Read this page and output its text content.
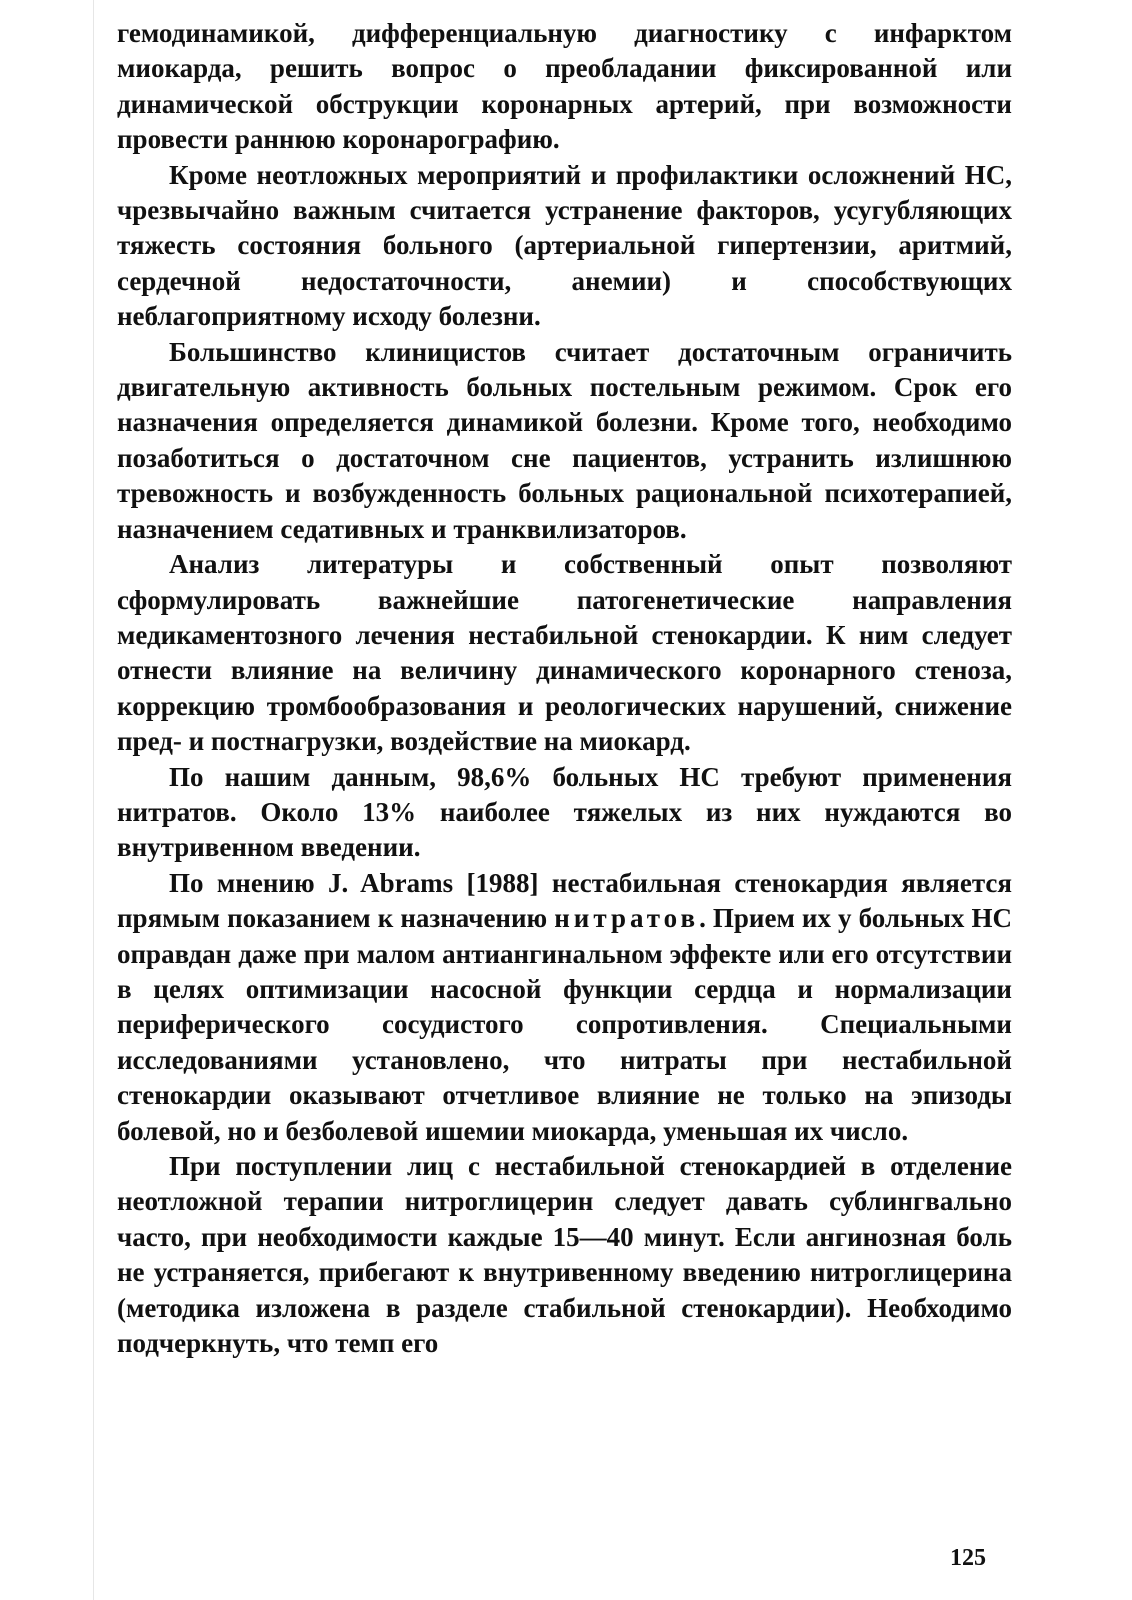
гемодинамикой, дифференциальную диагностику с инфарктом миокарда, решить вопрос о преобладании фиксированной или динамической обструкции коронарных артерий, при возможности провести раннюю коронарографию.

Кроме неотложных мероприятий и профилактики осложнений НС, чрезвычайно важным считается устранение факторов, усугубляющих тяжесть состояния больного (артериальной гипертензии, аритмий, сердечной недостаточности, анемии) и способствующих неблагоприятному исходу болезни.

Большинство клиницистов считает достаточным ограничить двигательную активность больных постельным режимом. Срок его назначения определяется динамикой болезни. Кроме того, необходимо позаботиться о достаточном сне пациентов, устранить излишнюю тревожность и возбужденность больных рациональной психотерапией, назначением седативных и транквилизаторов.

Анализ литературы и собственный опыт позволяют сформулировать важнейшие патогенетические направления медикаментозного лечения нестабильной стенокардии. К ним следует отнести влияние на величину динамического коронарного стеноза, коррекцию тромбообразования и реологических нарушений, снижение пред- и постнагрузки, воздействие на миокард.

По нашим данным, 98,6% больных НС требуют применения нитратов. Около 13% наиболее тяжелых из них нуждаются во внутривенном введении.

По мнению J. Abrams [1988] нестабильная стенокардия является прямым показанием к назначению нитратов. Прием их у больных НС оправдан даже при малом антиангинальном эффекте или его отсутствии в целях оптимизации насосной функции сердца и нормализации периферического сосудистого сопротивления. Специальными исследованиями установлено, что нитраты при нестабильной стенокардии оказывают отчетливое влияние не только на эпизоды болевой, но и безболевой ишемии миокарда, уменьшая их число.

При поступлении лиц с нестабильной стенокардией в отделение неотложной терапии нитроглицерин следует давать сублингвально часто, при необходимости каждые 15—40 минут. Если ангинозная боль не устраняется, прибегают к внутривенному введению нитроглицерина (методика изложена в разделе стабильной стенокардии). Необходимо подчеркнуть, что темп его

125
